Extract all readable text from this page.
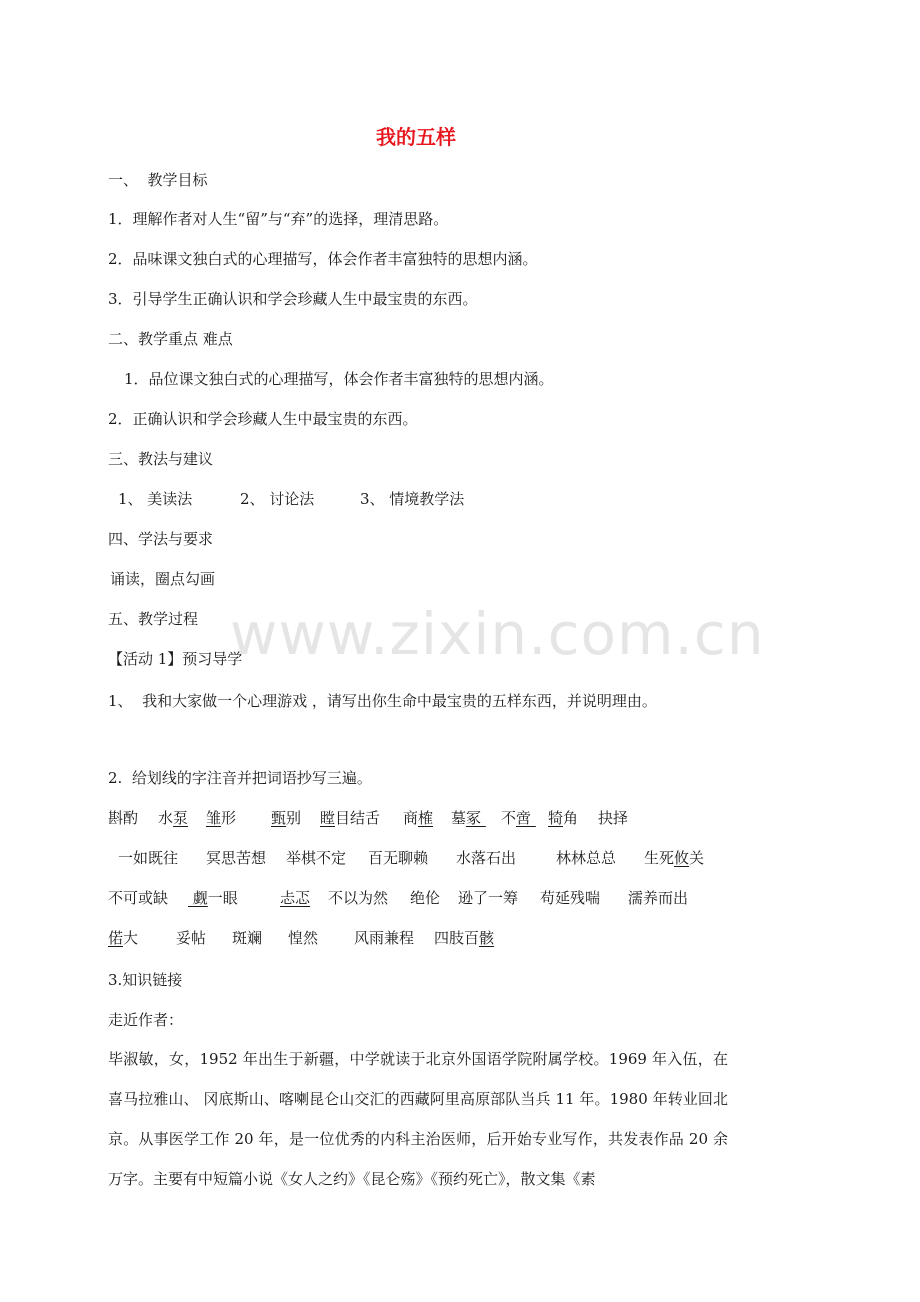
我的五样
一、  教学目标
1．理解作者对人生“留”与“弃”的选择，理清思路。
2．品味课文独白式的心理描写，体会作者丰富独特的思想内涵。
3．引导学生正确认识和学会珍藏人生中最宝贵的东西。
二、教学重点 难点
1．品位课文独白式的心理描写，体会作者丰富独特的思想内涵。
2．正确认识和学会珍藏人生中最宝贵的东西。
三、教法与建议
1、 美读法	2、 讨论法	3、 情境教学法
四、学法与要求
诵读，圈点勾画
五、教学过程
【活动 1】预习导学
1、  我和大家做一个心理游戏 ，请写出你生命中最宝贵的五样东西，并说明理由。
2.  给划线的字注音并把词语抄写三遍。
斟酌 水泵 雏形 甄别 瞠目结舌 商榷 墓冢 不啻 犄角 抉择
一如既往 冥思苦想 举棋不定 百无聊赖 水落石出	林林总总 生死攸关
不可或缺 觑一眼	忐忑 不以为然 绝伦 逊了一筹 苟延残喘 濡养而出
偌大	妥帖 斑斓 惶然 风雨兼程 四肢百骸
3.知识链接
走近作者：
毕淑敏，女，1952 年出生于新疆，中学就读于北京外国语学院附属学校。1969 年入伍，在喜马拉雅山、 冈底斯山、喀喇昆仑山交汇的西藏阿里高原部队当兵 11 年。1980 年转业回北京。从事医学工作 20 年，是一位优秀的内科主治医师，后开始专业写作，共发表作品 20 余万字。主要有中短篇小说《女人之约》《昆仑殇》《预约死亡》，散文集《素
www.zixin.com.cn
